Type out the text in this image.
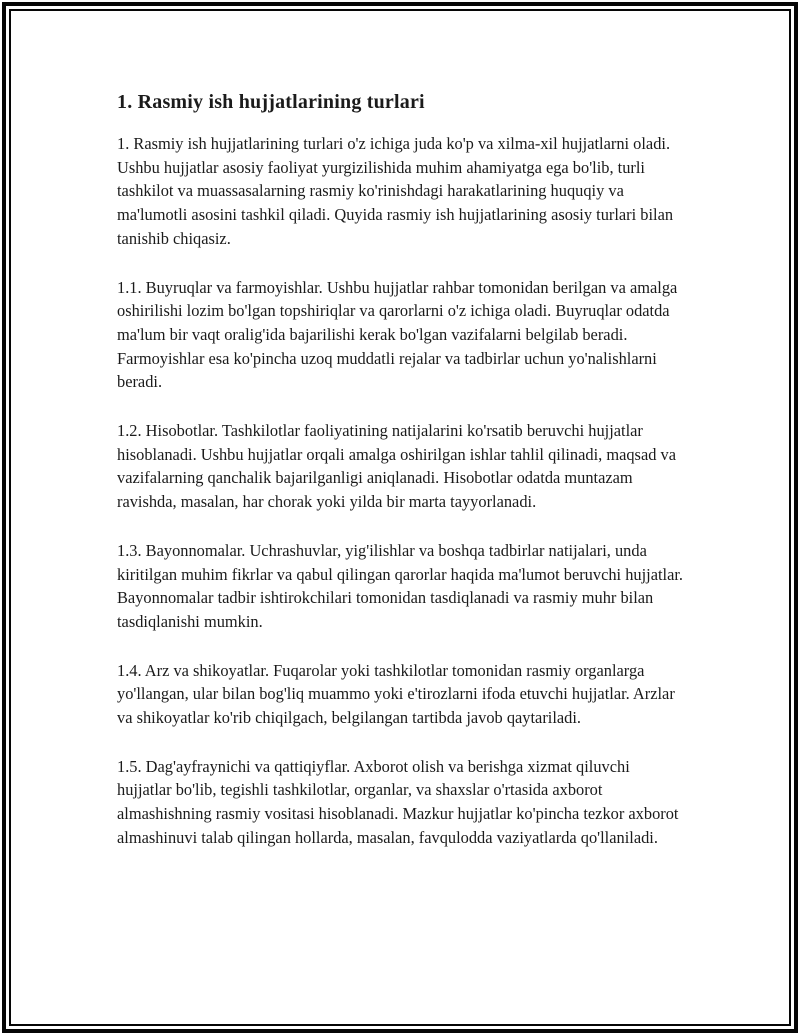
1. Rasmiy ish hujjatlarining turlari

1. Rasmiy ish hujjatlarining turlari o'z ichiga juda ko'p va xilma-xil hujjatlarni oladi. Ushbu hujjatlar asosiy faoliyat yurgizilishida muhim ahamiyatga ega bo'lib, turli tashkilot va muassasalarning rasmiy ko'rinishdagi harakatlarining huquqiy va ma'lumotli asosini tashkil qiladi. Quyida rasmiy ish hujjatlarining asosiy turlari bilan tanishib chiqasiz.

1.1. Buyruqlar va farmoyishlar. Ushbu hujjatlar rahbar tomonidan berilgan va amalga oshirilishi lozim bo'lgan topshiriqlar va qarorlarni o'z ichiga oladi. Buyruqlar odatda ma'lum bir vaqt oralig'ida bajarilishi kerak bo'lgan vazifalarni belgilab beradi. Farmoyishlar esa ko'pincha uzoq muddatli rejalar va tadbirlar uchun yo'nalishlarni beradi.

1.2. Hisobotlar. Tashkilotlar faoliyatining natijalarini ko'rsatib beruvchi hujjatlar hisoblanadi. Ushbu hujjatlar orqali amalga oshirilgan ishlar tahlil qilinadi, maqsad va vazifalarning qanchalik bajarilganligi aniqlanadi. Hisobotlar odatda muntazam ravishda, masalan, har chorak yoki yilda bir marta tayyorlanadi.

1.3. Bayonnomalar. Uchrashuvlar, yig'ilishlar va boshqa tadbirlar natijalari, unda kiritilgan muhim fikrlar va qabul qilingan qarorlar haqida ma'lumot beruvchi hujjatlar. Bayonnomalar tadbir ishtirokchilari tomonidan tasdiqlanadi va rasmiy muhr bilan tasdiqlanishi mumkin.

1.4. Arz va shikoyatlar. Fuqarolar yoki tashkilotlar tomonidan rasmiy organlarga yo'llangan, ular bilan bog'liq muammo yoki e'tirozlarni ifoda etuvchi hujjatlar. Arzlar va shikoyatlar ko'rib chiqilgach, belgilangan tartibda javob qaytariladi.

1.5. Dag'ayfraynichi va qattiqiyflar. Axborot olish va berishga xizmat qiluvchi hujjatlar bo'lib, tegishli tashkilotlar, organlar, va shaxslar o'rtasida axborot almashishning rasmiy vositasi hisoblanadi. Mazkur hujjatlar ko'pincha tezkor axborot almashinuvi talab qilingan hollarda, masalan, favqulodda vaziyatlarda qo'llaniladi.
